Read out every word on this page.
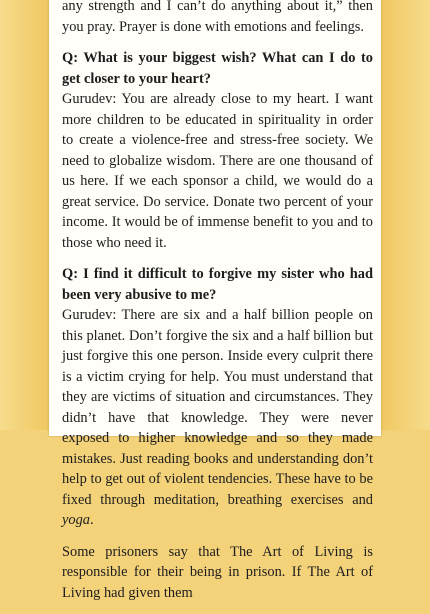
any strength and I can’t do anything about it,” then you pray. Prayer is done with emotions and feelings.

Q: What is your biggest wish? What can I do to get closer to your heart?
Gurudev: You are already close to my heart. I want more children to be educated in spirituality in order to create a violence-free and stress-free society. We need to globalize wisdom. There are one thousand of us here. If we each sponsor a child, we would do a great service. Do service. Donate two percent of your income. It would be of immense benefit to you and to those who need it.

Q: I find it difficult to forgive my sister who had been very abusive to me?
Gurudev: There are six and a half billion people on this planet. Don’t forgive the six and a half billion but just forgive this one person. Inside every culprit there is a victim crying for help. You must understand that they are victims of situation and circumstances. They didn’t have that knowledge. They were never exposed to higher knowledge and so they made mistakes. Just reading books and understanding don’t help to get out of violent tendencies. These have to be fixed through meditation, breathing exercises and yoga.

Some prisoners say that The Art of Living is responsible for their being in prison. If The Art of Living had given them
